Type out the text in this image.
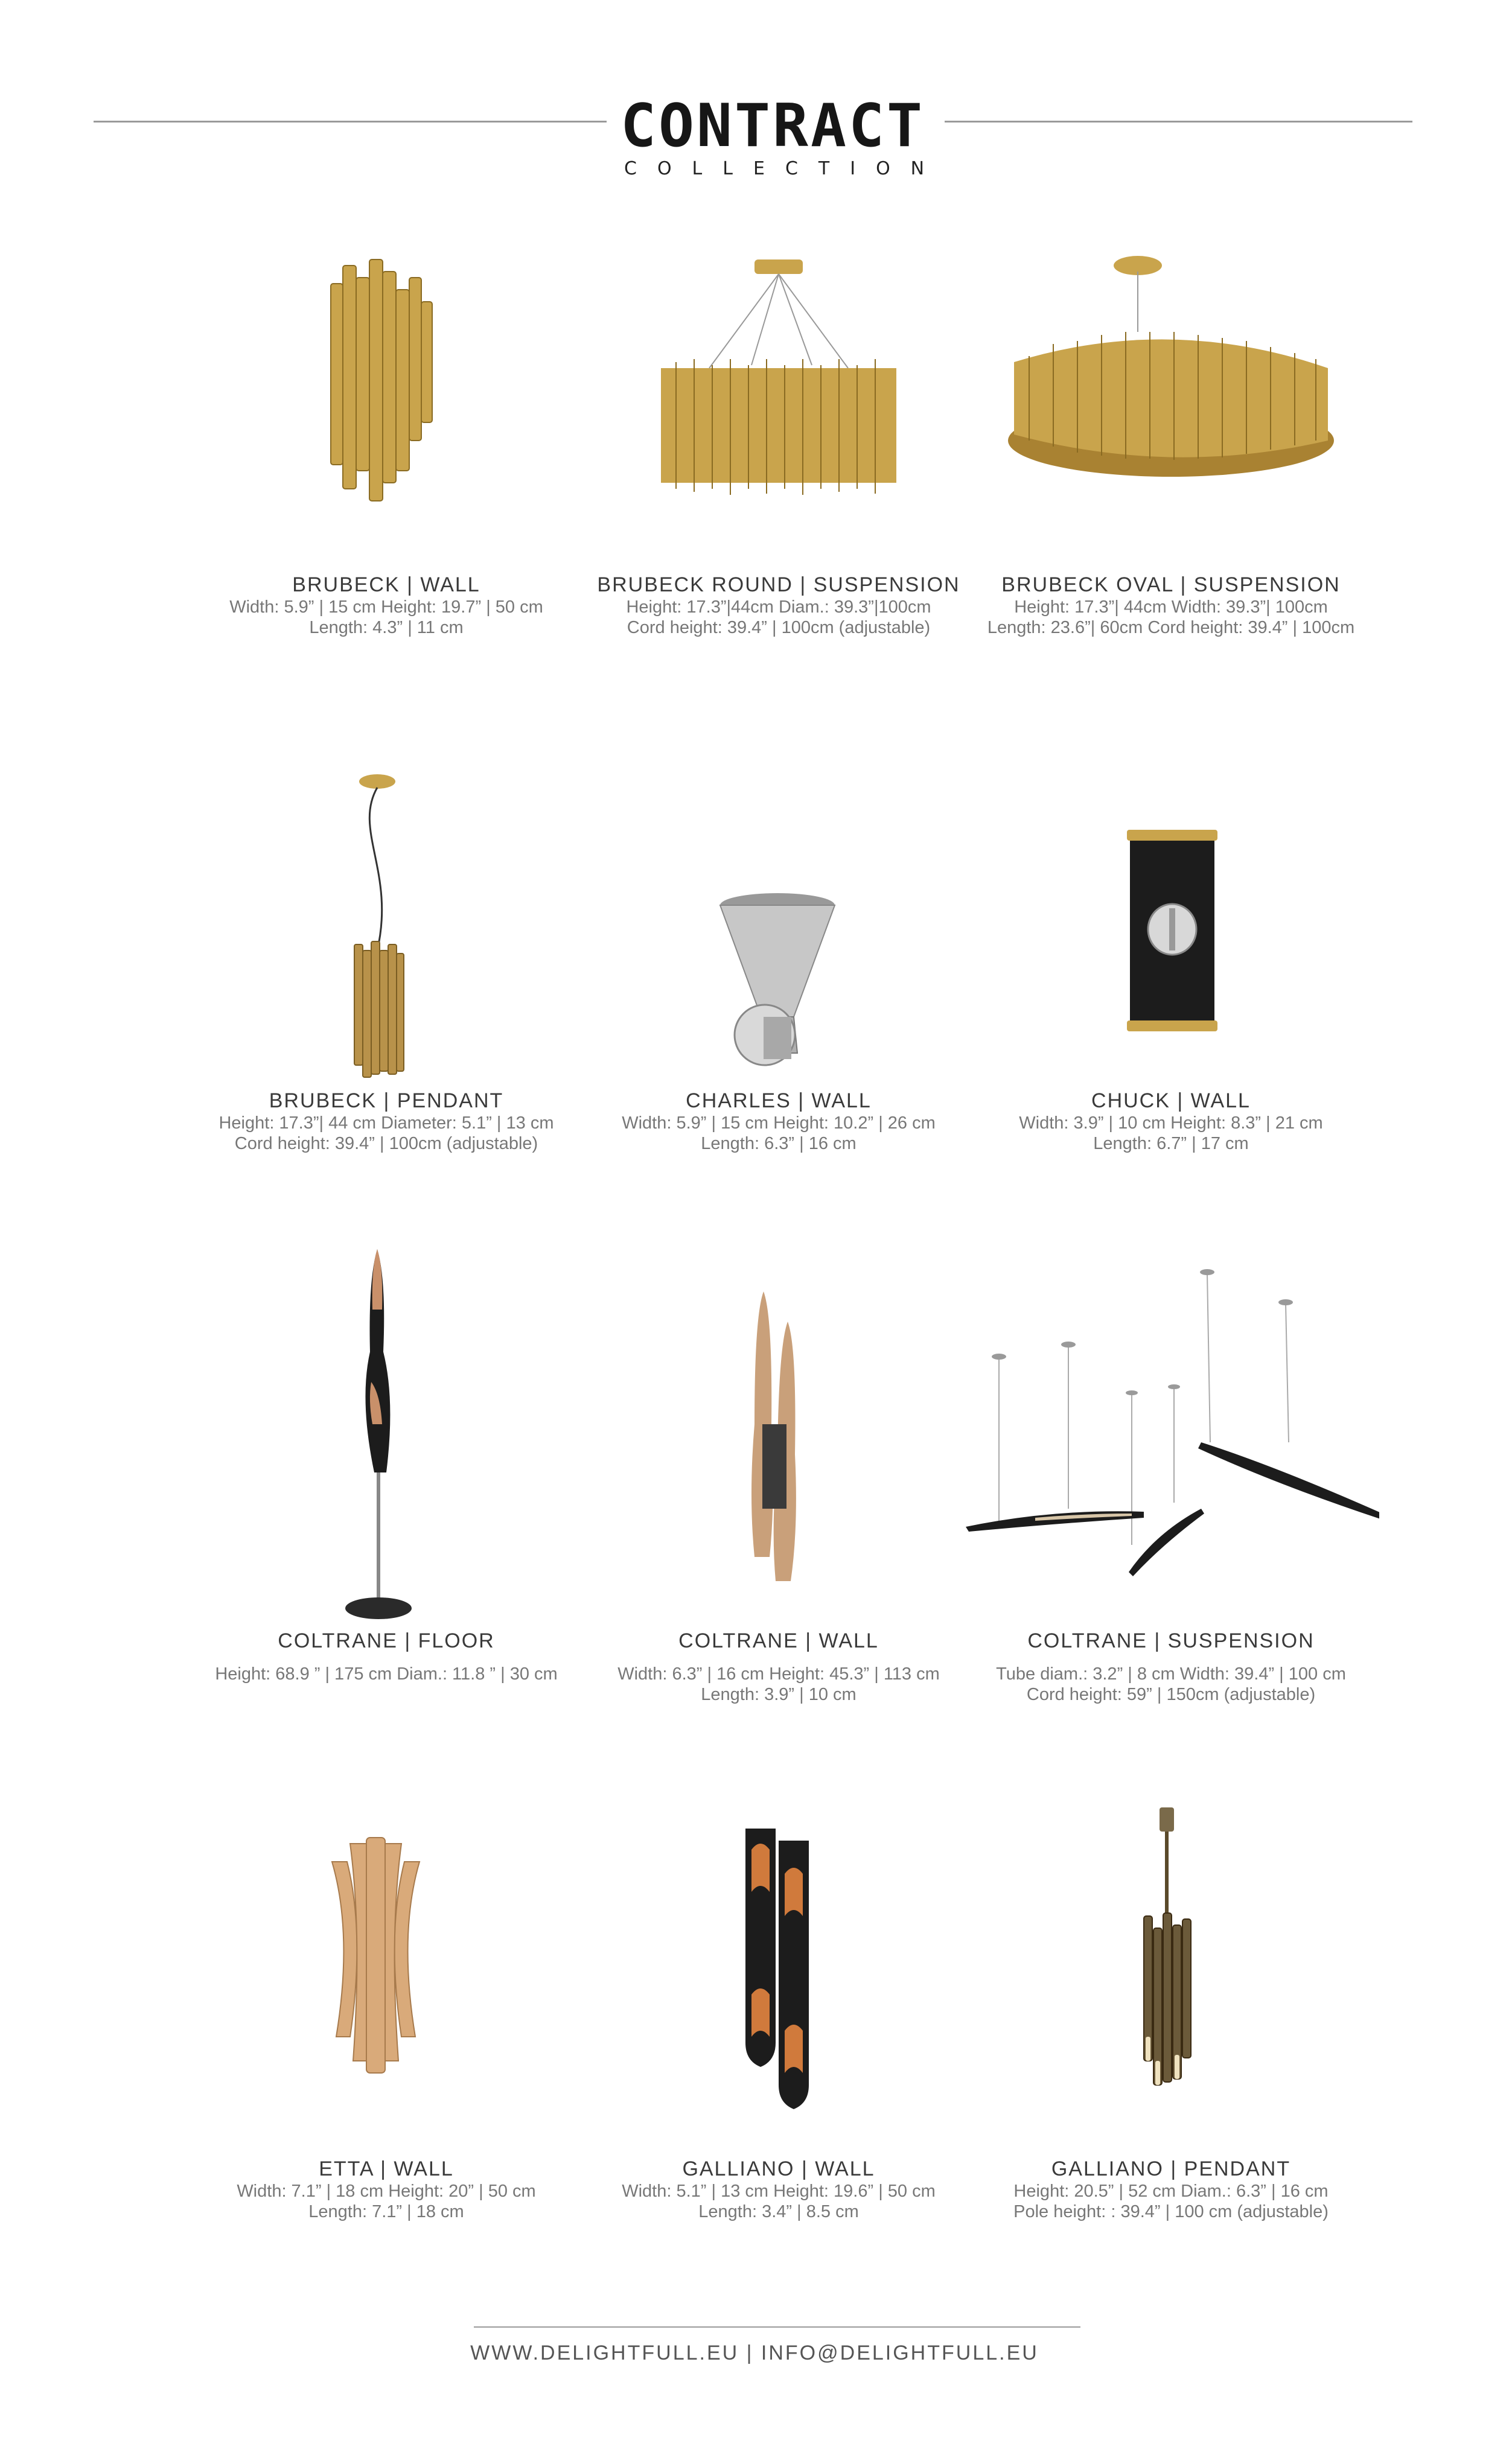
CONTRACT
COLLECTION
BRUBECK | WALL
Width: 5.9” | 15 cm Height: 19.7” | 50 cm
Length: 4.3” | 11 cm
BRUBECK ROUND | SUSPENSION
Height: 17.3”|44cm Diam.: 39.3”|100cm
Cord height: 39.4” | 100cm (adjustable)
BRUBECK OVAL | SUSPENSION
Height: 17.3”| 44cm Width: 39.3”| 100cm
Length: 23.6”| 60cm Cord height: 39.4” | 100cm
BRUBECK | PENDANT
Height: 17.3”| 44 cm Diameter: 5.1” | 13 cm
Cord height: 39.4” | 100cm (adjustable)
CHARLES | WALL
Width: 5.9” | 15 cm Height: 10.2” | 26 cm
Length: 6.3” | 16 cm
CHUCK | WALL
Width: 3.9” | 10 cm Height: 8.3” | 21 cm
Length: 6.7” | 17 cm
COLTRANE | FLOOR
Height: 68.9 ” | 175 cm Diam.: 11.8 ” | 30 cm
COLTRANE | WALL
Width: 6.3” | 16 cm Height: 45.3” | 113 cm
Length: 3.9” | 10 cm
COLTRANE | SUSPENSION
Tube diam.: 3.2” | 8 cm Width: 39.4” | 100 cm
Cord height: 59” | 150cm (adjustable)
ETTA | WALL
Width: 7.1” | 18 cm Height: 20” | 50 cm
Length: 7.1” | 18 cm
GALLIANO | WALL
Width: 5.1” | 13 cm Height: 19.6” | 50 cm
Length: 3.4” | 8.5 cm
GALLIANO | PENDANT
Height: 20.5” | 52 cm Diam.: 6.3” | 16 cm
Pole height: : 39.4” | 100 cm (adjustable)
WWW.DELIGHTFULL.EU | INFO@DELIGHTFULL.EU
